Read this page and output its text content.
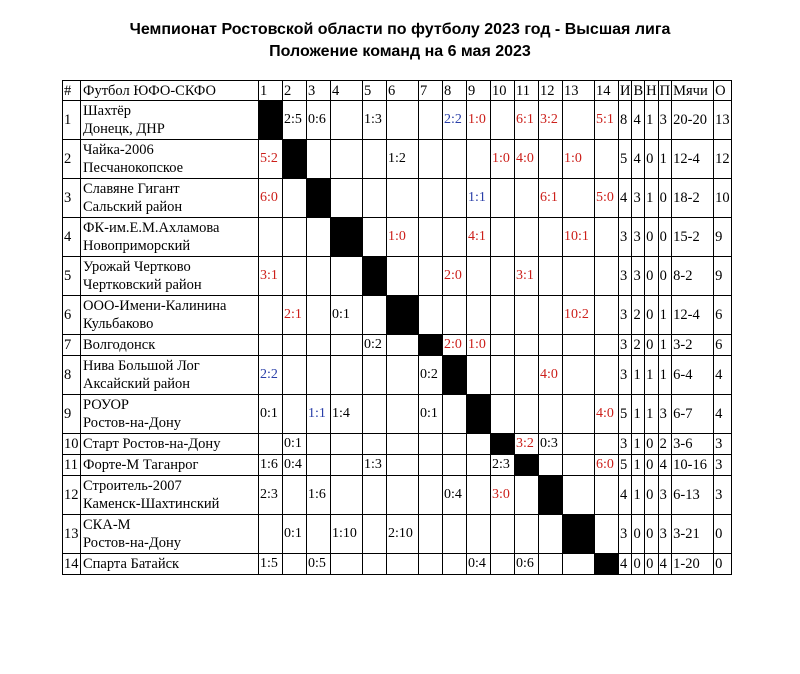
Чемпионат Ростовской области по футболу 2023 год - Высшая лига
Положение команд на 6 мая 2023
#	Футбол ЮФО-СКФО	1	2	3	4	5	6	7	8	9	10	11	12	13	14	И	В	Н	П	Мячи	О
1	Шахтёр
Донецк, ДНР		2:5	0:6		1:3			2:2	1:0		6:1	3:2		5:1	8	4	1	3	20-20	13
2	Чайка-2006
Песчанокопское	5:2					1:2				1:0	4:0		1:0		5	4	0	1	12-4	12
3	Славяне Гигант
Сальский район	6:0								1:1			6:1		5:0	4	3	1	0	18-2	10
4	ФК-им.Е.М.Ахламова
Новоприморский						1:0			4:1				10:1		3	3	0	0	15-2	9
5	Урожай Чертково
Чертковский район	3:1							2:0			3:1				3	3	0	0	8-2	9
6	ООО-Имени-Калинина
Кульбаково		2:1		0:1									10:2		3	2	0	1	12-4	6
7	Волгодонск					0:2			2:0	1:0						3	2	0	1	3-2	6
8	Нива Большой Лог
Аксайский район	2:2						0:2					4:0			3	1	1	1	6-4	4
9	РОУОР
Ростов-на-Дону	0:1		1:1	1:4			0:1							4:0	5	1	1	3	6-7	4
10	Старт Ростов-на-Дону		0:1									3:2	0:3			3	1	0	2	3-6	3
11	Форте-М Таганрог	1:6	0:4			1:3					2:3				6:0	5	1	0	4	10-16	3
12	Строитель-2007
Каменск-Шахтинский	2:3		1:6					0:4		3:0					4	1	0	3	6-13	3
13	СКА-М
Ростов-на-Дону		0:1		1:10		2:10									3	0	0	3	3-21	0
14	Спарта Батайск	1:5		0:5						0:4		0:6				4	0	0	4	1-20	0
